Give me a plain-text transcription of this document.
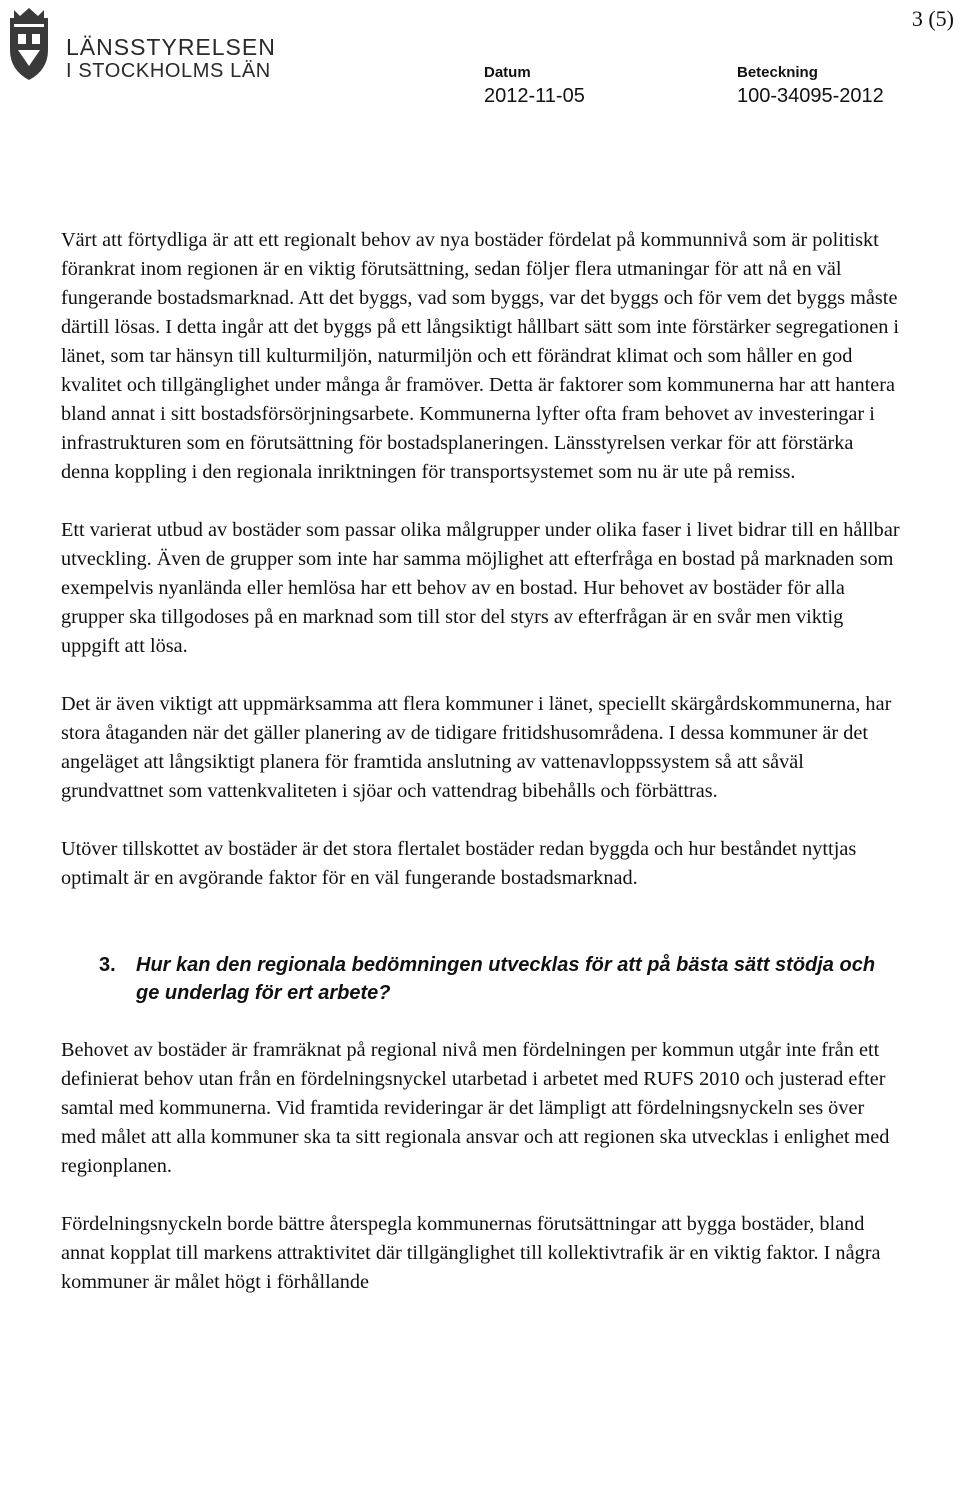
LÄNSSTYRELSEN
I STOCKHOLMS LÄN
3 (5)
Datum
2012-11-05
Beteckning
100-34095-2012

Värt att förtydliga är att ett regionalt behov av nya bostäder fördelat på kommunnivå som är politiskt förankrat inom regionen är en viktig förutsättning, sedan följer flera utmaningar för att nå en väl fungerande bostadsmarknad. Att det byggs, vad som byggs, var det byggs och för vem det byggs måste därtill lösas. I detta ingår att det byggs på ett långsiktigt hållbart sätt som inte förstärker segregationen i länet, som tar hänsyn till kulturmiljön, naturmiljön och ett förändrat klimat och som håller en god kvalitet och tillgänglighet under många år framöver. Detta är faktorer som kommunerna har att hantera bland annat i sitt bostadsförsörjningsarbete. Kommunerna lyfter ofta fram behovet av investeringar i infrastrukturen som en förutsättning för bostadsplaneringen. Länsstyrelsen verkar för att förstärka denna koppling i den regionala inriktningen för transportsystemet som nu är ute på remiss.

Ett varierat utbud av bostäder som passar olika målgrupper under olika faser i livet bidrar till en hållbar utveckling. Även de grupper som inte har samma möjlighet att efterfråga en bostad på marknaden som exempelvis nyanlända eller hemlösa har ett behov av en bostad. Hur behovet av bostäder för alla grupper ska tillgodoses på en marknad som till stor del styrs av efterfrågan är en svår men viktig uppgift att lösa.

Det är även viktigt att uppmärksamma att flera kommuner i länet, speciellt skärgårdskommunerna, har stora åtaganden när det gäller planering av de tidigare fritidshusområdena. I dessa kommuner är det angeläget att långsiktigt planera för framtida anslutning av vattenavloppssystem så att såväl grundvattnet som vattenkvaliteten i sjöar och vattendrag bibehålls och förbättras.

Utöver tillskottet av bostäder är det stora flertalet bostäder redan byggda och hur beståndet nyttjas optimalt är en avgörande faktor för en väl fungerande bostadsmarknad.

3. Hur kan den regionala bedömningen utvecklas för att på bästa sätt stödja och ge underlag för ert arbete?

Behovet av bostäder är framräknat på regional nivå men fördelningen per kommun utgår inte från ett definierat behov utan från en fördelningsnyckel utarbetad i arbetet med RUFS 2010 och justerad efter samtal med kommunerna. Vid framtida revideringar är det lämpligt att fördelningsnyckeln ses över med målet att alla kommuner ska ta sitt regionala ansvar och att regionen ska utvecklas i enlighet med regionplanen.

Fördelningsnyckeln borde bättre återspegla kommunernas förutsättningar att bygga bostäder, bland annat kopplat till markens attraktivitet där tillgänglighet till kollektivtrafik är en viktig faktor. I några kommuner är målet högt i förhållande
